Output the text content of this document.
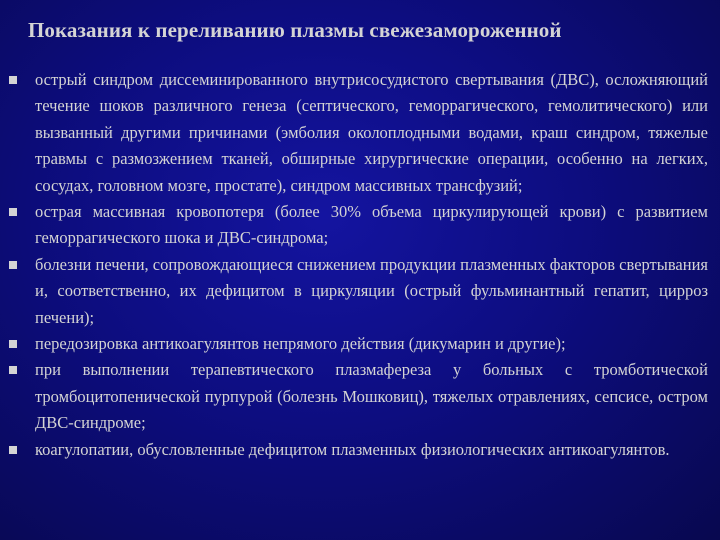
Показания к переливанию плазмы свежезамороженной
острый синдром диссеминированного внутрисосудистого свертывания (ДВС), осложняющий течение шоков различного генеза (септического, геморрагического, гемолитического) или вызванный другими причинами (эмболия околоплодными водами, краш синдром, тяжелые травмы с размозжением тканей, обширные хирургические операции, особенно на легких, сосудах, головном мозге, простате), синдром массивных трансфузий;
острая массивная кровопотеря (более 30% объема циркулирующей крови) с развитием геморрагического шока и ДВС-синдрома;
болезни печени, сопровождающиеся снижением продукции плазменных факторов свертывания и, соответственно, их дефицитом в циркуляции (острый фульминантный гепатит, цирроз печени);
передозировка антикоагулянтов непрямого действия (дикумарин и другие);
при выполнении терапевтического плазмафереза у больных с тромботической тромбоцитопенической пурпурой (болезнь Мошковиц), тяжелых отравлениях, сепсисе, остром ДВС-синдроме;
коагулопатии, обусловленные дефицитом плазменных физиологических антикоагулянтов.
